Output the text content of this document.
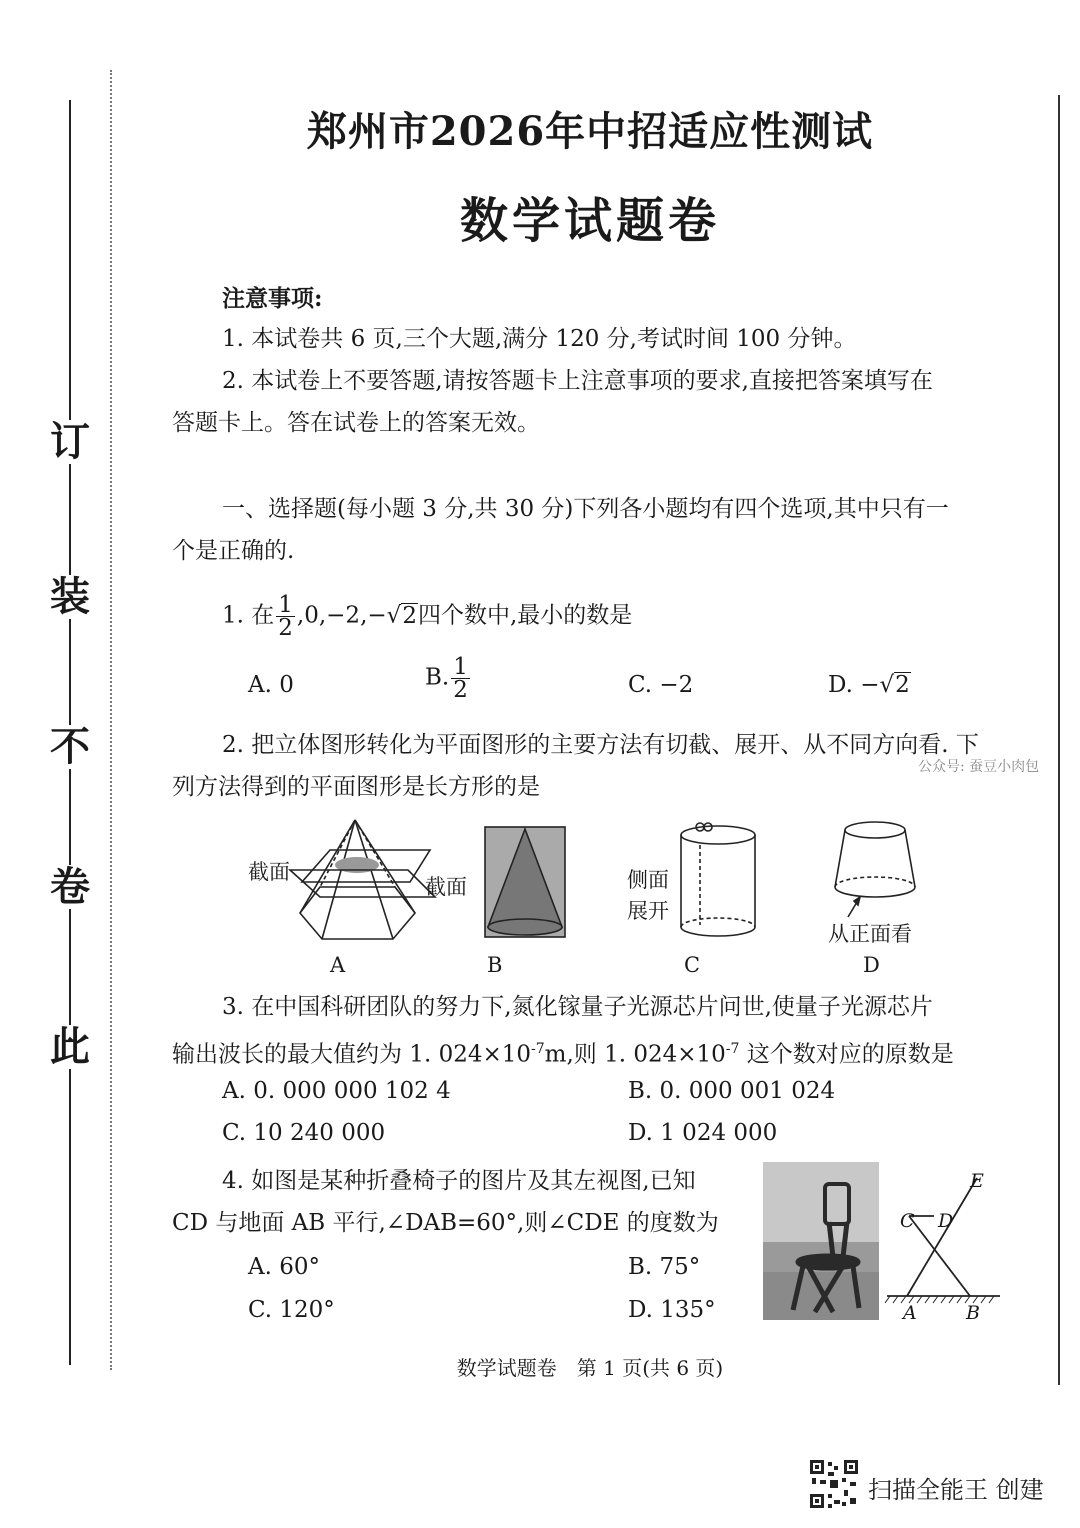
订
装
不
卷
此
郑州市2026年中招适应性测试
数学试题卷
注意事项:
1. 本试卷共 6 页,三个大题,满分 120 分,考试时间 100 分钟。
2. 本试卷上不要答题,请按答题卡上注意事项的要求,直接把答案填写在
答题卡上。答在试卷上的答案无效。
一、选择题(每小题 3 分,共 30 分)下列各小题均有四个选项,其中只有一
个是正确的.
1. 在 $\frac{1}{2} ,0,-2,-√2$四个数中,最小的数是
A. 0	B. $\frac{1}{2}$	C. −2	D. −√2
公众号: 蚕豆小肉包
2. 把立体图形转化为平面图形的主要方法有切截、展开、从不同方向看. 下
列方法得到的平面图形是长方形的是
截面
截面	侧面
展开
从正面看
A	B	C	D
3. 在中国科研团队的努力下,氮化镓量子光源芯片问世,使量子光源芯片
输出波长的最大值约为 1. $024\times 10^{-7}m$,则 1. $024\times 10^{-7}$ 这个数对应的原数是
A. 0. 000 000 102 4	B. 0. 000 001 024
C. 10 240 000	D. 1 024 000
4. 如图是某种折叠椅子的图片及其左视图,已知
CD 与地面 AB 平行,∠DAB=60°,则∠CDE 的度数为
A. 60°	B. 75°
C. 120°	D. 135°
E
C D
A	B
数学试题卷　第 1 页(共 6 页)
扫描全能王 创建
